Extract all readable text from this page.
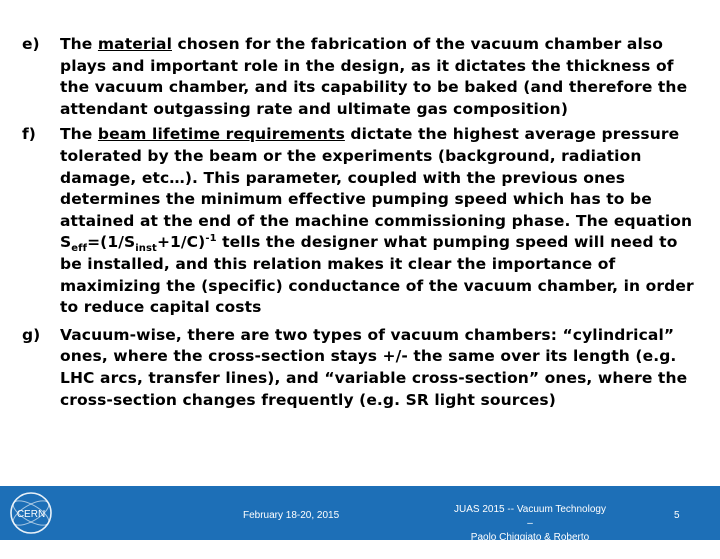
e)	The material chosen for the fabrication of the vacuum chamber also plays and important role in the design, as it dictates the thickness of the vacuum chamber, and its capability to be baked (and therefore the attendant outgassing rate and ultimate gas composition)
f)	The beam lifetime requirements dictate the highest average pressure tolerated by the beam or the experiments (background, radiation damage, etc…). This parameter, coupled with the previous ones determines the minimum effective pumping speed which has to be attained at the end of the machine commissioning phase. The equation $S_{eff}=(1/S_{inst}+1/C)^{-1}$ tells the designer what pumping speed will need to be installed, and this relation makes it clear the importance of maximizing the (specific) conductance of the vacuum chamber, in order to reduce capital costs
g)	Vacuum-wise, there are two types of vacuum chambers: “cylindrical” ones, where the cross-section stays +/- the same over its length (e.g. LHC arcs, transfer lines), and “variable cross-section” ones, where the cross-section changes frequently (e.g. SR light sources)
CERN	February 18-20, 2015
JUAS 2015 -- Vacuum Technology –
Paolo Chiggiato & Roberto Kersevan
5
